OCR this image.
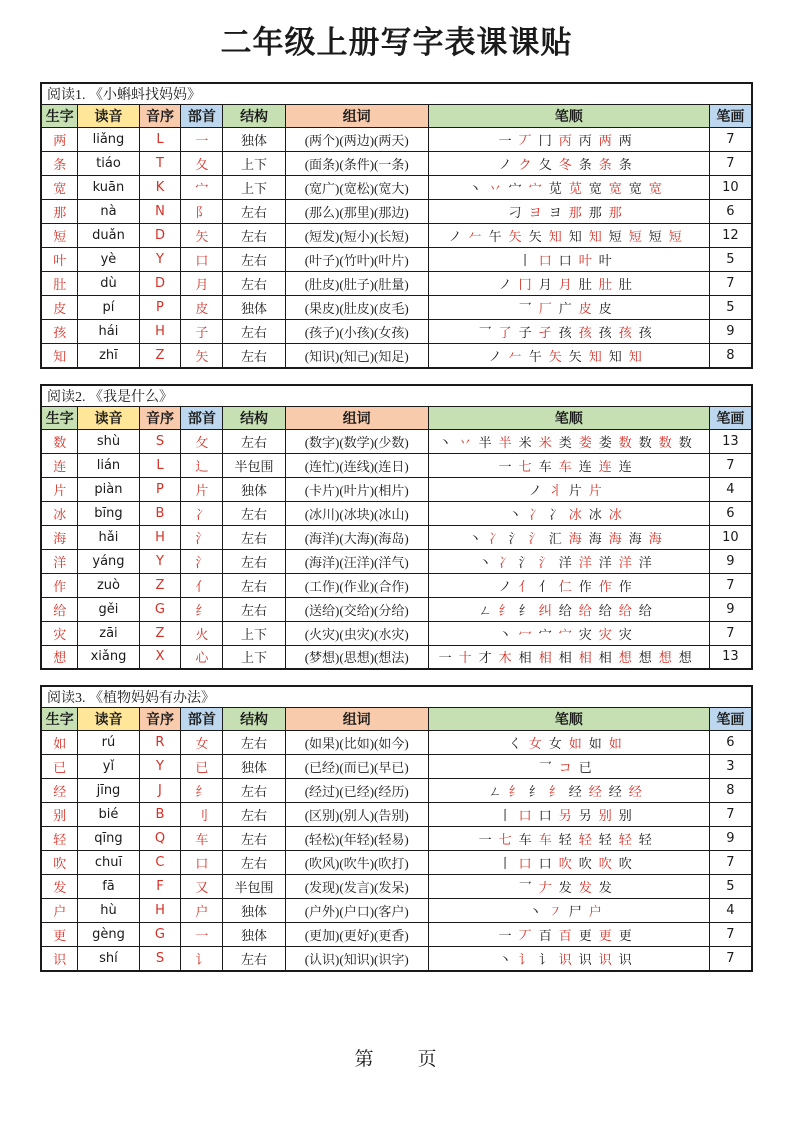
二年级上册写字表课课贴
阅读1. 《小蝌蚪找妈妈》							
生字	读音	音序	部首	结构	组词	笔顺	笔画
两	liǎng	L	一	独体	(两个)(两边)(两天)	一 丆 冂 丙 丙 两 两	7
条	tiáo	T	夂	上下	(面条)(条件)(一条)	ノ ク 夂 冬 条 条 条	7
宽	kuān	K	宀	上下	(宽广)(宽松)(宽大)	丶 丷 宀 宀 苋 苋 宽 宽 宽 宽	10
那	nà	N	阝	左右	(那么)(那里)(那边)	刁 ヨ ヨ 那 那 那	6
短	duǎn	D	矢	左右	(短发)(短小)(长短)	ノ 𠂉 午 矢 矢 知 知 知 短 短 短 短	12
叶	yè	Y	口	左右	(叶子)(竹叶)(叶片)	丨 口 口 叶 叶	5
肚	dù	D	月	左右	(肚皮)(肚子)(肚量)	ノ 冂 月 月 肚 肚 肚	7
皮	pí	P	皮	独体	(果皮)(肚皮)(皮毛)	乛 厂 广 皮 皮	5
孩	hái	H	子	左右	(孩子)(小孩)(女孩)	乛 了 子 孑 孩 孩 孩 孩 孩	9
知	zhī	Z	矢	左右	(知识)(知己)(知足)	ノ 𠂉 午 矢 矢 知 知 知	8
阅读2. 《我是什么》							
生字	读音	音序	部首	结构	组词	笔顺	笔画
数	shù	S	攵	左右	(数字)(数学)(少数)	丶 丷 半 半 米 米 类 娄 娄 数 数 数 数	13
连	lián	L	辶	半包围	(连忙)(连线)(连日)	一 七 车 车 连 连 连	7
片	piàn	P	片	独体	(卡片)(叶片)(相片)	ノ 丬 片 片	4
冰	bīng	B	冫	左右	(冰川)(冰块)(冰山)	丶 冫 冫 冰 冰 冰	6
海	hǎi	H	氵	左右	(海洋)(大海)(海岛)	丶 冫 氵 氵 汇 海 海 海 海 海	10
洋	yáng	Y	氵	左右	(海洋)(汪洋)(洋气)	丶 冫 氵 氵 洋 洋 洋 洋 洋	9
作	zuò	Z	亻	左右	(工作)(作业)(合作)	ノ 亻 亻 仁 作 作 作	7
给	gěi	G	纟	左右	(送给)(交给)(分给)	ㄥ 纟 纟 纠 给 给 给 给 给	9
灾	zāi	Z	火	上下	(火灾)(虫灾)(水灾)	丶 冖 宀 宀 灾 灾 灾	7
想	xiǎng	X	心	上下	(梦想)(思想)(想法)	一 十 才 木 相 相 相 相 相 想 想 想 想	13
阅读3. 《植物妈妈有办法》							
生字	读音	音序	部首	结构	组词	笔顺	笔画
如	rú	R	女	左右	(如果)(比如)(如今)	く 女 女 如 如 如	6
已	yǐ	Y	已	独体	(已经)(而已)(早已)	乛 コ 已	3
经	jīng	J	纟	左右	(经过)(已经)(经历)	ㄥ 纟 纟 纟 经 经 经 经	8
别	bié	B	刂	左右	(区别)(别人)(告别)	丨 口 口 另 另 别 别	7
轻	qīng	Q	车	左右	(轻松)(年轻)(轻易)	一 七 车 车 轻 轻 轻 轻 轻	9
吹	chuī	C	口	左右	(吹风)(吹牛)(吹打)	丨 口 口 吹 吹 吹 吹	7
发	fā	F	又	半包围	(发现)(发言)(发呆)	乛 𠂇 发 发 发	5
户	hù	H	户	独体	(户外)(户口)(客户)	丶 ㇇ 尸 户	4
更	gèng	G	一	独体	(更加)(更好)(更香)	一 丆 百 百 更 更 更	7
识	shí	S	讠	左右	(认识)(知识)(识字)	丶 讠 讠 识 识 识 识	7
第　　页
